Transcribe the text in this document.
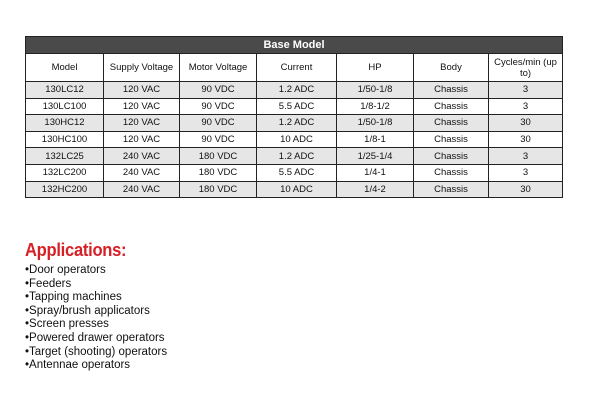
Base Model						
Model	Supply Voltage	Motor Voltage	Current	HP	Body	Cycles/min (up to)
130LC12	120 VAC	90 VDC	1.2 ADC	1/50-1/8	Chassis	3
130LC100	120 VAC	90 VDC	5.5 ADC	1/8-1/2	Chassis	3
130HC12	120 VAC	90 VDC	1.2 ADC	1/50-1/8	Chassis	30
130HC100	120 VAC	90 VDC	10 ADC	1/8-1	Chassis	30
132LC25	240 VAC	180 VDC	1.2 ADC	1/25-1/4	Chassis	3
132LC200	240 VAC	180 VDC	5.5 ADC	1/4-1	Chassis	3
132HC200	240 VAC	180 VDC	10 ADC	1/4-2	Chassis	30
Applications:
• Door operators
• Feeders
• Tapping machines
• Spray/brush applicators
• Screen presses
• Powered drawer operators
• Target (shooting) operators
• Antennae operators
